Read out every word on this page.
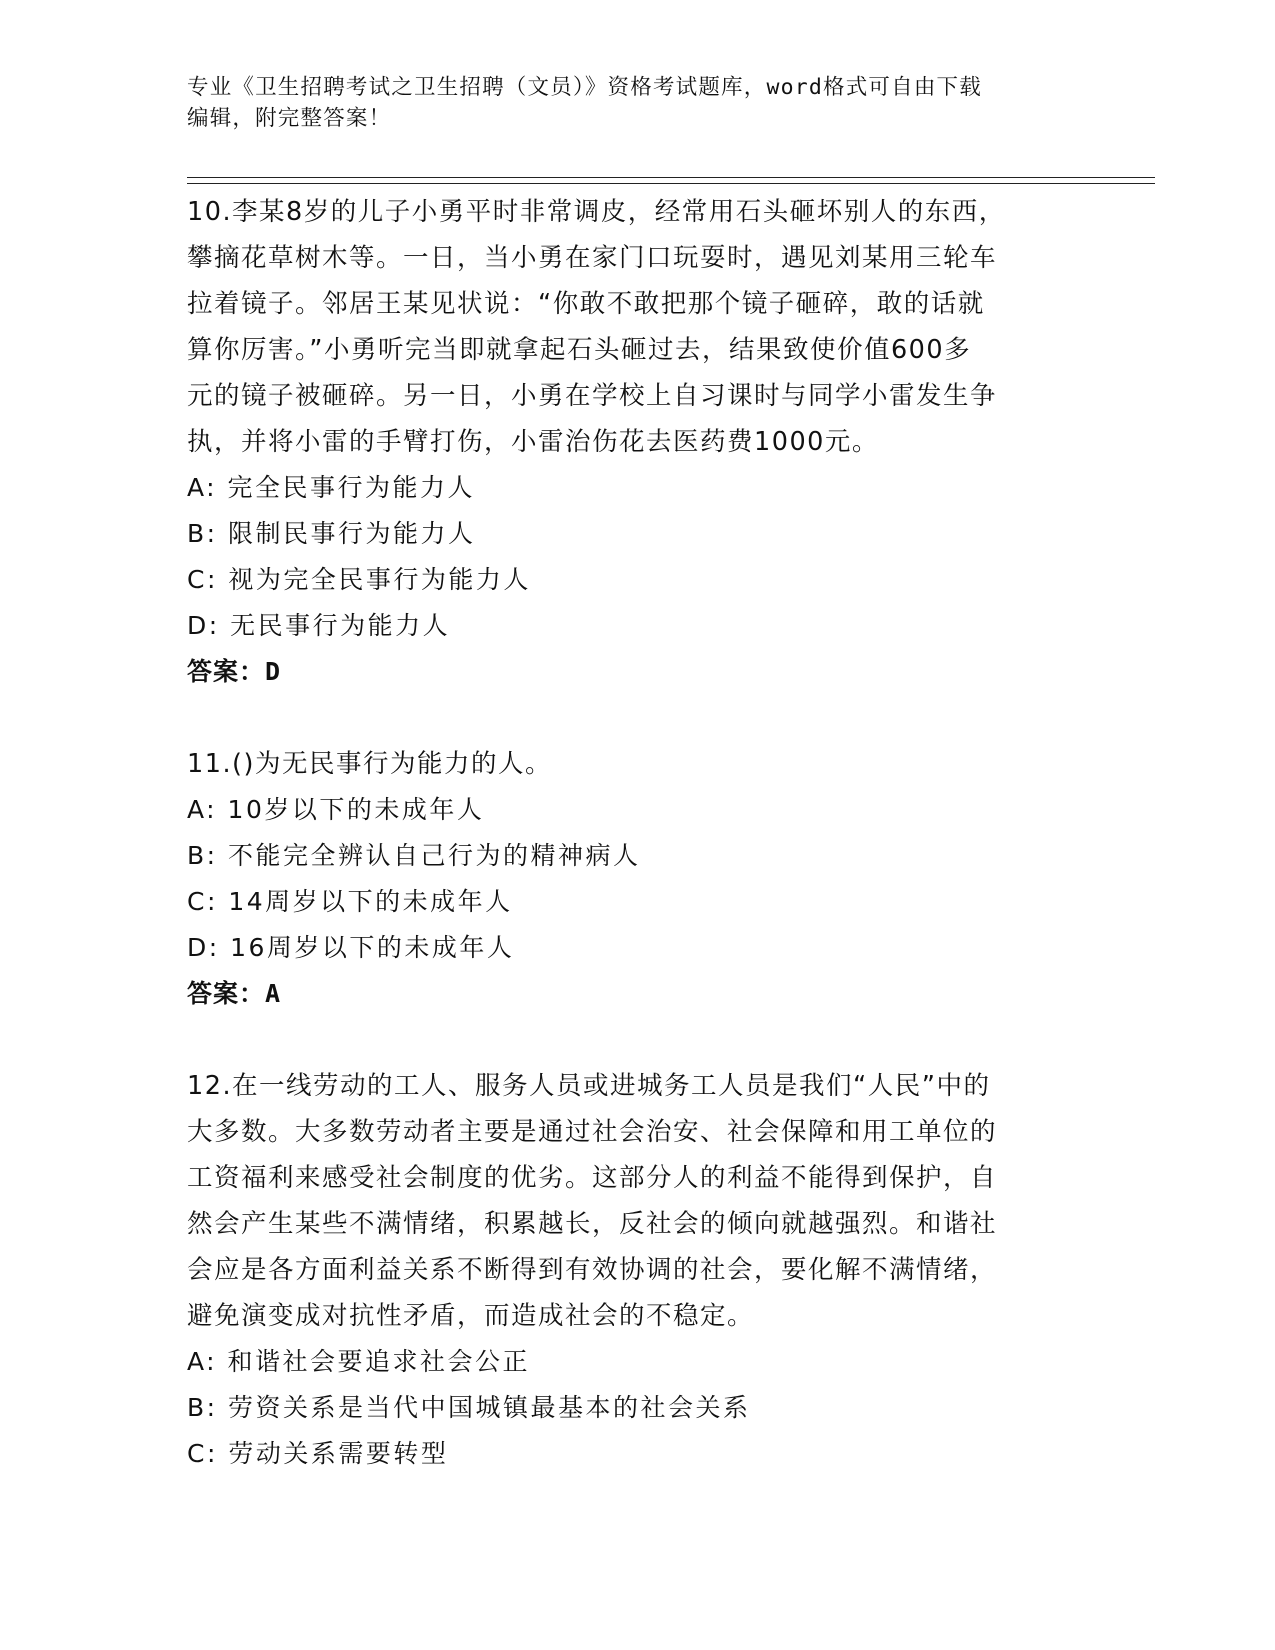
专业《卫生招聘考试之卫生招聘（文员）》资格考试题库，word格式可自由下载
编辑，附完整答案！
10.李某8岁的儿子小勇平时非常调皮，经常用石头砸坏别人的东西，
攀摘花草树木等。一日，当小勇在家门口玩耍时，遇见刘某用三轮车
拉着镜子。邻居王某见状说：“你敢不敢把那个镜子砸碎，敢的话就
算你厉害。”小勇听完当即就拿起石头砸过去，结果致使价值600多
元的镜子被砸碎。另一日，小勇在学校上自习课时与同学小雷发生争
执，并将小雷的手臂打伤，小雷治伤花去医药费1000元。
A: 完全民事行为能力人
B: 限制民事行为能力人
C: 视为完全民事行为能力人
D: 无民事行为能力人
答案：D
11.()为无民事行为能力的人。
A: 10岁以下的未成年人
B: 不能完全辨认自己行为的精神病人
C: 14周岁以下的未成年人
D: 16周岁以下的未成年人
答案：A
12.在一线劳动的工人、服务人员或进城务工人员是我们“人民”中的
大多数。大多数劳动者主要是通过社会治安、社会保障和用工单位的
工资福利来感受社会制度的优劣。这部分人的利益不能得到保护，自
然会产生某些不满情绪，积累越长，反社会的倾向就越强烈。和谐社
会应是各方面利益关系不断得到有效协调的社会，要化解不满情绪，
避免演变成对抗性矛盾，而造成社会的不稳定。
A: 和谐社会要追求社会公正
B: 劳资关系是当代中国城镇最基本的社会关系
C: 劳动关系需要转型
